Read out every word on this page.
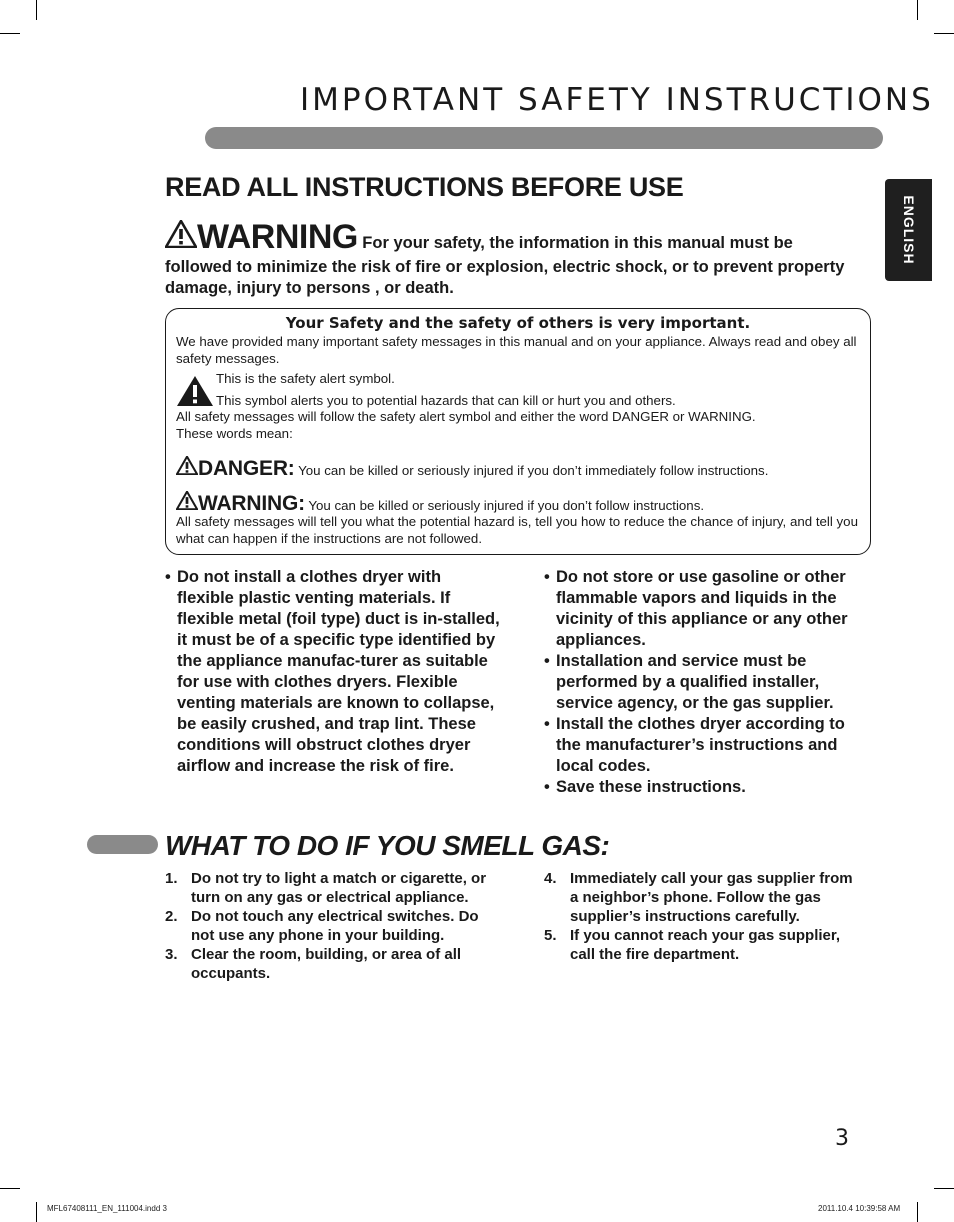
IMPORTANT SAFETY INSTRUCTIONS
ENGLISH
READ ALL INSTRUCTIONS BEFORE USE
WARNING For your safety, the information in this manual must be followed to minimize the risk of fire or explosion, electric shock, or to prevent property damage, injury to persons , or death.
Your Safety and the safety of others is very important.
We have provided many important safety messages in this manual and on your appliance. Always read and obey all safety messages.
This is the safety alert symbol.
This symbol alerts you to potential hazards that can kill or hurt you and others.
All safety messages will follow the safety alert symbol and either the word DANGER or WARNING.
These words mean:
DANGER: You can be killed or seriously injured if you don’t immediately follow instructions.
WARNING: You can be killed or seriously injured if you don’t follow instructions.
All safety messages will tell you what the potential hazard is, tell you how to reduce the chance of injury, and tell you what can happen if the instructions are not followed.
• Do not install a clothes dryer with flexible plastic venting materials. If flexible metal (foil type) duct is in-stalled, it must be of a specific type identified by the appliance manufac-turer as suitable for use with clothes dryers. Flexible venting materials are known to collapse, be easily crushed, and trap lint. These conditions will obstruct clothes dryer airflow and increase the risk of fire.
• Do not store or use gasoline or other flammable vapors and liquids in the vicinity of this appliance or any other appliances.
• Installation and service must be performed by a qualified installer, service agency, or the gas supplier.
• Install the clothes dryer according to the manufacturer’s instructions and local codes.
• Save these instructions.
WHAT TO DO IF YOU SMELL GAS:
1. Do not try to light a match or cigarette, or turn on any gas or electrical appliance.
2. Do not touch any electrical switches. Do not use any phone in your building.
3. Clear the room, building, or area of all occupants.
4. Immediately call your gas supplier from a neighbor’s phone. Follow the gas supplier’s instructions carefully.
5. If you cannot reach your gas supplier, call the fire department.
3
MFL67408111_EN_111004.indd 3	2011.10.4 10:39:58 AM
